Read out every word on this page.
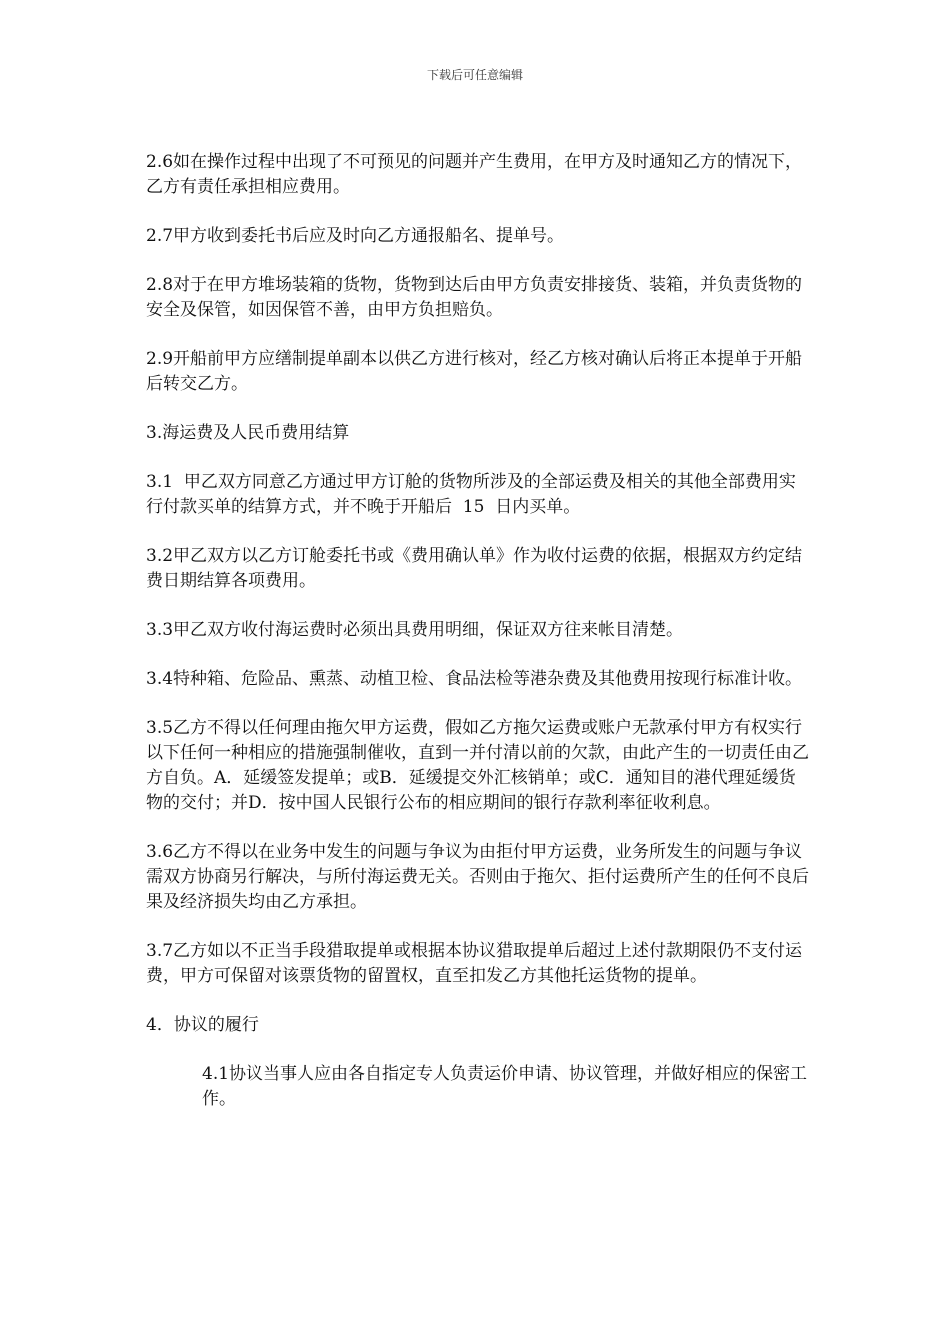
下载后可任意编辑

2.6如在操作过程中出现了不可预见的问题并产生费用，在甲方及时通知乙方的情况下，乙方有责任承担相应费用。

2.7甲方收到委托书后应及时向乙方通报船名、提单号。

2.8对于在甲方堆场装箱的货物，货物到达后由甲方负责安排接货、装箱，并负责货物的安全及保管，如因保管不善，由甲方负担赔负。

2.9开船前甲方应缮制提单副本以供乙方进行核对，经乙方核对确认后将正本提单于开船后转交乙方。

3.海运费及人民币费用结算

3.1  甲乙双方同意乙方通过甲方订舱的货物所涉及的全部运费及相关的其他全部费用实行付款买单的结算方式，并不晚于开船后  15  日内买单。

3.2甲乙双方以乙方订舱委托书或《费用确认单》作为收付运费的依据，根据双方约定结费日期结算各项费用。

3.3甲乙双方收付海运费时必须出具费用明细，保证双方往来帐目清楚。

3.4特种箱、危险品、熏蒸、动植卫检、食品法检等港杂费及其他费用按现行标准计收。

3.5乙方不得以任何理由拖欠甲方运费，假如乙方拖欠运费或账户无款承付甲方有权实行以下任何一种相应的措施强制催收，直到一并付清以前的欠款，由此产生的一切责任由乙方自负。A．延缓签发提单；或B．延缓提交外汇核销单；或C．通知目的港代理延缓货物的交付；并D．按中国人民银行公布的相应期间的银行存款利率征收利息。

3.6乙方不得以在业务中发生的问题与争议为由拒付甲方运费，业务所发生的问题与争议需双方协商另行解决，与所付海运费无关。否则由于拖欠、拒付运费所产生的任何不良后果及经济损失均由乙方承担。

3.7乙方如以不正当手段猎取提单或根据本协议猎取提单后超过上述付款期限仍不支付运费，甲方可保留对该票货物的留置权，直至扣发乙方其他托运货物的提单。

4．协议的履行

4.1协议当事人应由各自指定专人负责运价申请、协议管理，并做好相应的保密工作。
